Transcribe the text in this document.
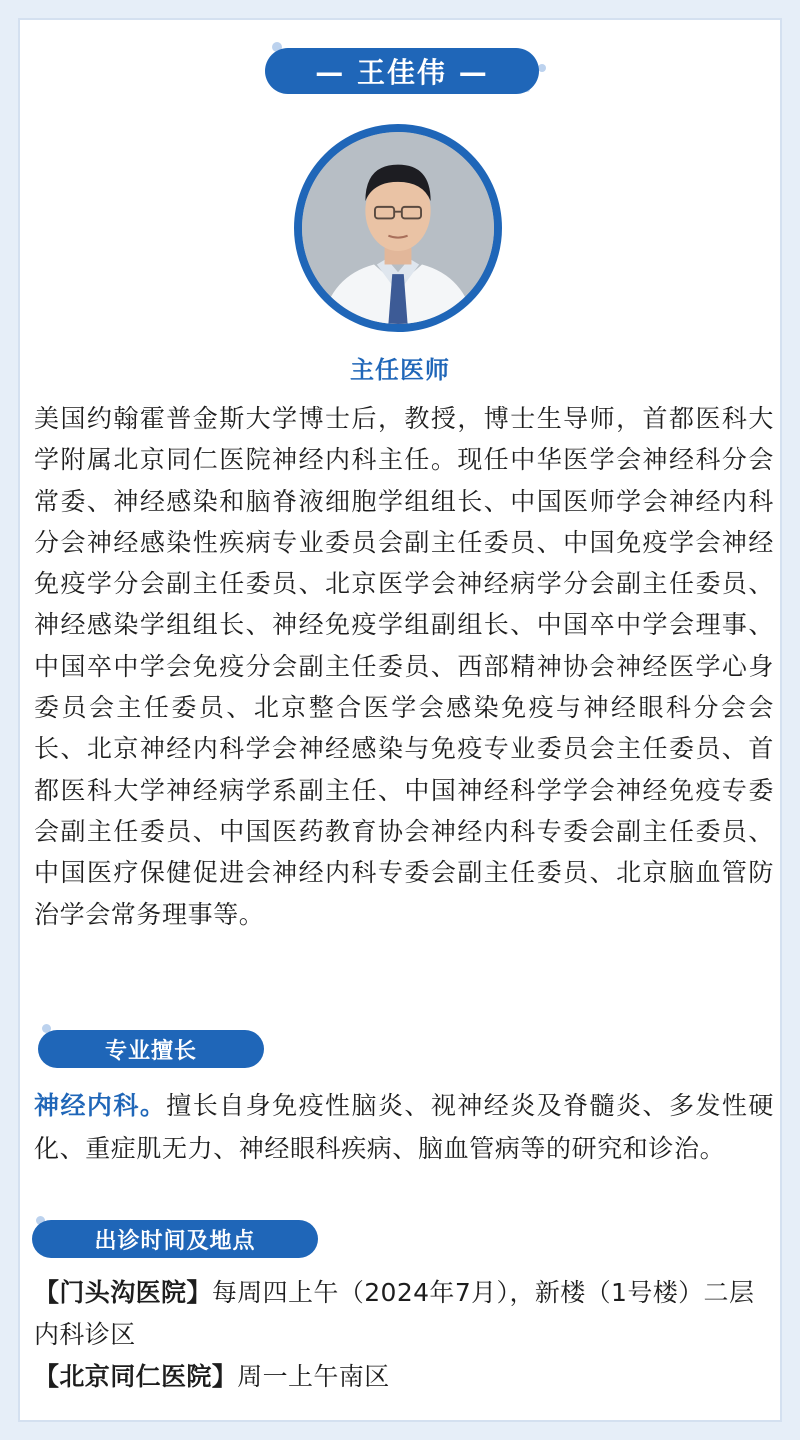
— 王佳伟 —
主任医师

美国约翰霍普金斯大学博士后，教授，博士生导师，首都医科大学附属北京同仁医院神经内科主任。现任中华医学会神经科分会常委、神经感染和脑脊液细胞学组组长、中国医师学会神经内科分会神经感染性疾病专业委员会副主任委员、中国免疫学会神经免疫学分会副主任委员、北京医学会神经病学分会副主任委员、神经感染学组组长、神经免疫学组副组长、中国卒中学会理事、中国卒中学会免疫分会副主任委员、西部精神协会神经医学心身委员会主任委员、北京整合医学会感染免疫与神经眼科分会会长、北京神经内科学会神经感染与免疫专业委员会主任委员、首都医科大学神经病学系副主任、中国神经科学学会神经免疫专委会副主任委员、中国医药教育协会神经内科专委会副主任委员、中国医疗保健促进会神经内科专委会副主任委员、北京脑血管防治学会常务理事等。

专业擅长

神经内科。擅长自身免疫性脑炎、视神经炎及脊髓炎、多发性硬化、重症肌无力、神经眼科疾病、脑血管病等的研究和诊治。

出诊时间及地点

【门头沟医院】每周四上午（2024年7月），新楼（1号楼）二层内科诊区

【北京同仁医院】周一上午南区
